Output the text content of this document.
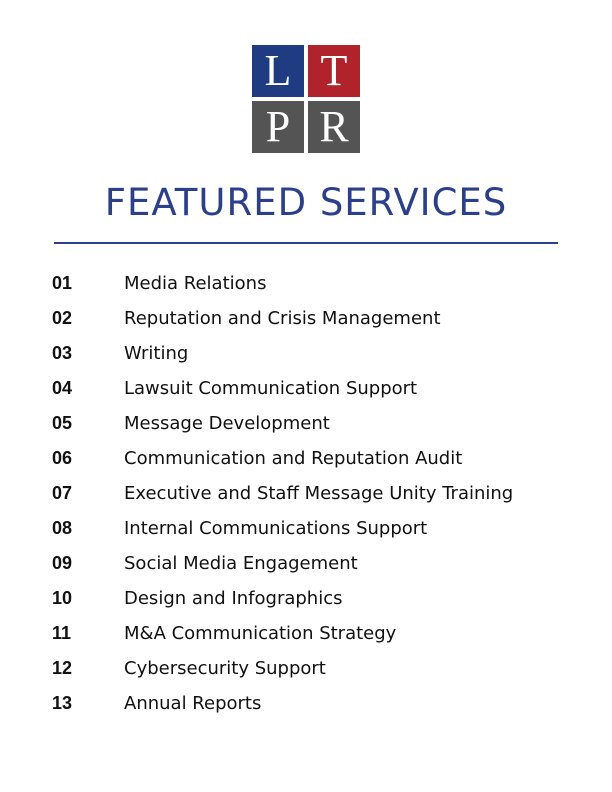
L T
P R
FEATURED SERVICES
01	Media Relations
02	Reputation and Crisis Management
03	Writing
04	Lawsuit Communication Support
05	Message Development
06	Communication and Reputation Audit
07	Executive and Staff Message Unity Training
08	Internal Communications Support
09	Social Media Engagement
10	Design and Infographics
11	M&A Communication Strategy
12	Cybersecurity Support
13	Annual Reports
